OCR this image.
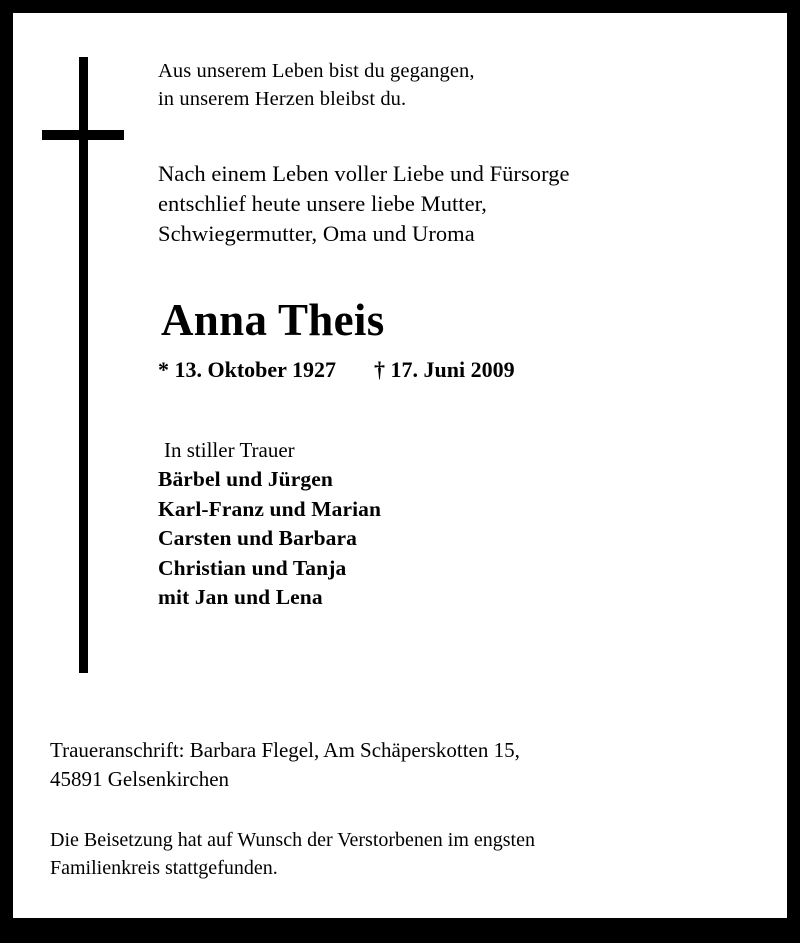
Aus unserem Leben bist du gegangen,
in unserem Herzen bleibst du.
Nach einem Leben voller Liebe und Fürsorge
entschlief heute unsere liebe Mutter,
Schwiegermutter, Oma und Uroma
Anna Theis
* 13. Oktober 1927 † 17. Juni 2009
In stiller Trauer
Bärbel und Jürgen
Karl-Franz und Marian
Carsten und Barbara
Christian und Tanja
mit Jan und Lena
Traueranschrift: Barbara Flegel, Am Schäperskotten 15,
45891 Gelsenkirchen
Die Beisetzung hat auf Wunsch der Verstorbenen im engsten
Familienkreis stattgefunden.
